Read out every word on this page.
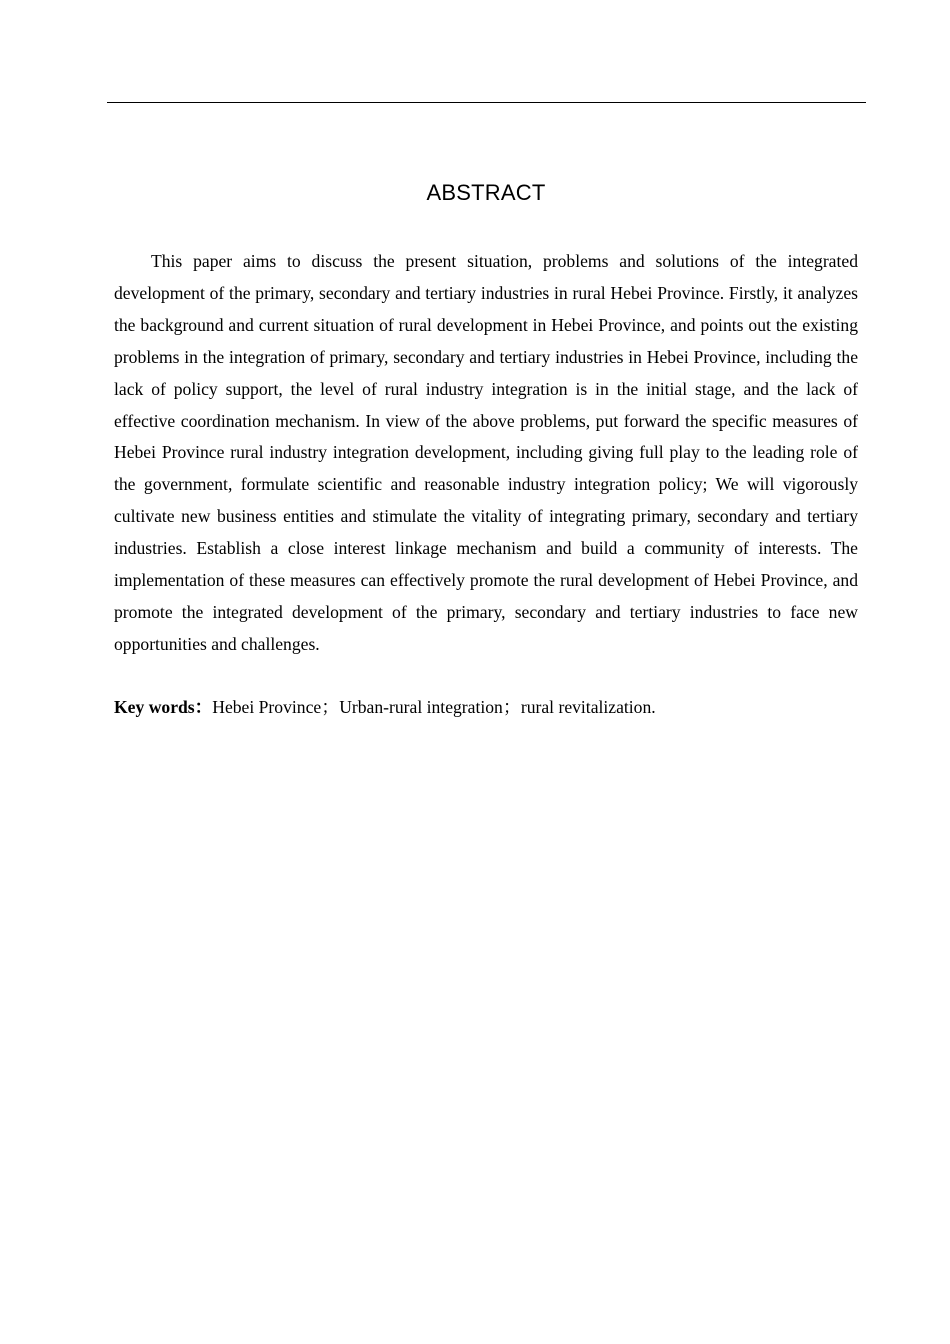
ABSTRACT

This paper aims to discuss the present situation, problems and solutions of the integrated development of the primary, secondary and tertiary industries in rural Hebei Province. Firstly, it analyzes the background and current situation of rural development in Hebei Province, and points out the existing problems in the integration of primary, secondary and tertiary industries in Hebei Province, including the lack of policy support, the level of rural industry integration is in the initial stage, and the lack of effective coordination mechanism. In view of the above problems, put forward the specific measures of Hebei Province rural industry integration development, including giving full play to the leading role of the government, formulate scientific and reasonable industry integration policy; We will vigorously cultivate new business entities and stimulate the vitality of integrating primary, secondary and tertiary industries. Establish a close interest linkage mechanism and build a community of interests. The implementation of these measures can effectively promote the rural development of Hebei Province, and promote the integrated development of the primary, secondary and tertiary industries to face new opportunities and challenges.

Key words：Hebei Province；Urban-rural integration；rural revitalization.
